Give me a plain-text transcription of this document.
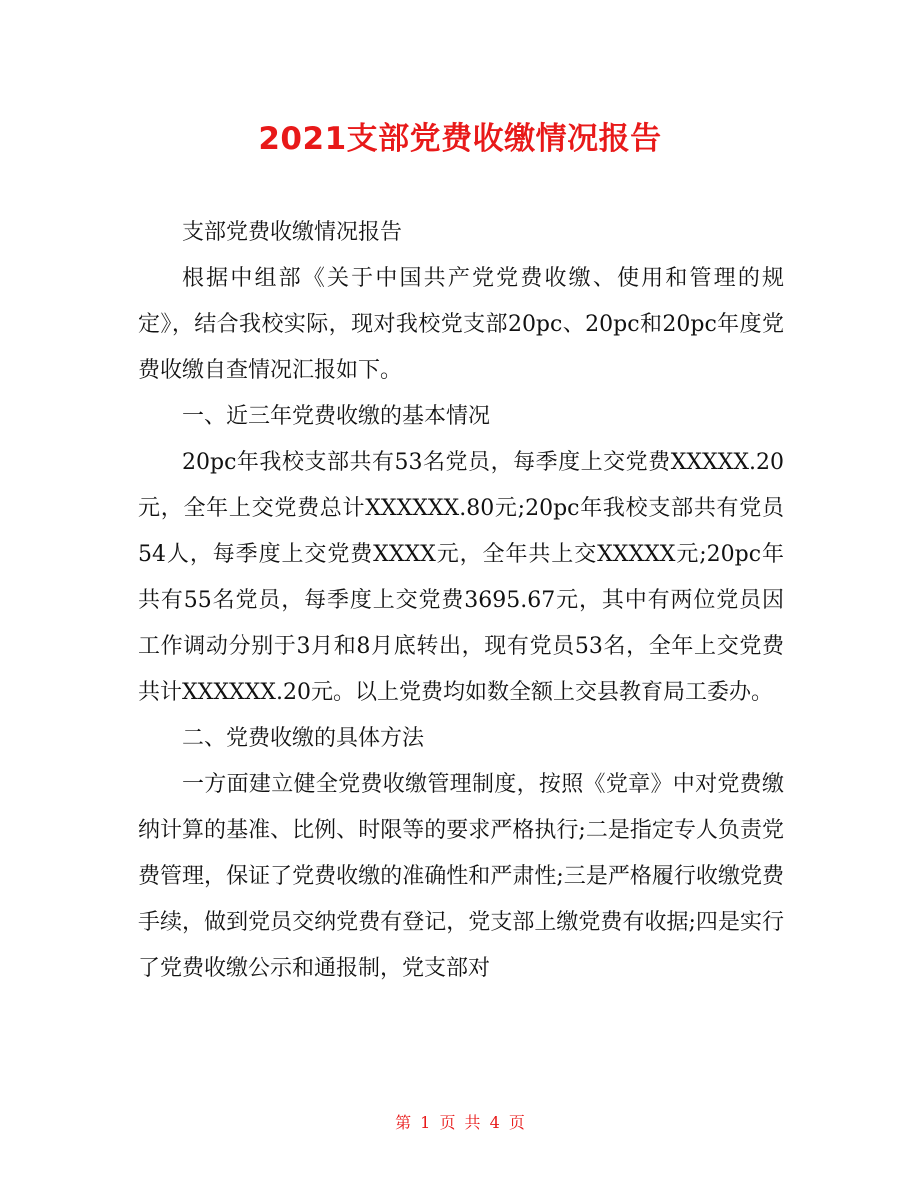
2021支部党费收缴情况报告

支部党费收缴情况报告

根据中组部《关于中国共产党党费收缴、使用和管理的规定》，结合我校实际，现对我校党支部20pc、20pc和20pc年度党费收缴自查情况汇报如下。

一、近三年党费收缴的基本情况

20pc年我校支部共有53名党员，每季度上交党费XXXXX.20元，全年上交党费总计XXXXXX.80元;20pc年我校支部共有党员54人，每季度上交党费XXXX元，全年共上交XXXXX元;20pc年共有55名党员，每季度上交党费3695.67元，其中有两位党员因工作调动分别于3月和8月底转出，现有党员53名，全年上交党费共计XXXXXX.20元。以上党费均如数全额上交县教育局工委办。

二、党费收缴的具体方法

一方面建立健全党费收缴管理制度，按照《党章》中对党费缴纳计算的基准、比例、时限等的要求严格执行;二是指定专人负责党费管理，保证了党费收缴的准确性和严肃性;三是严格履行收缴党费手续，做到党员交纳党费有登记，党支部上缴党费有收据;四是实行了党费收缴公示和通报制，党支部对

第 1 页 共 4 页
